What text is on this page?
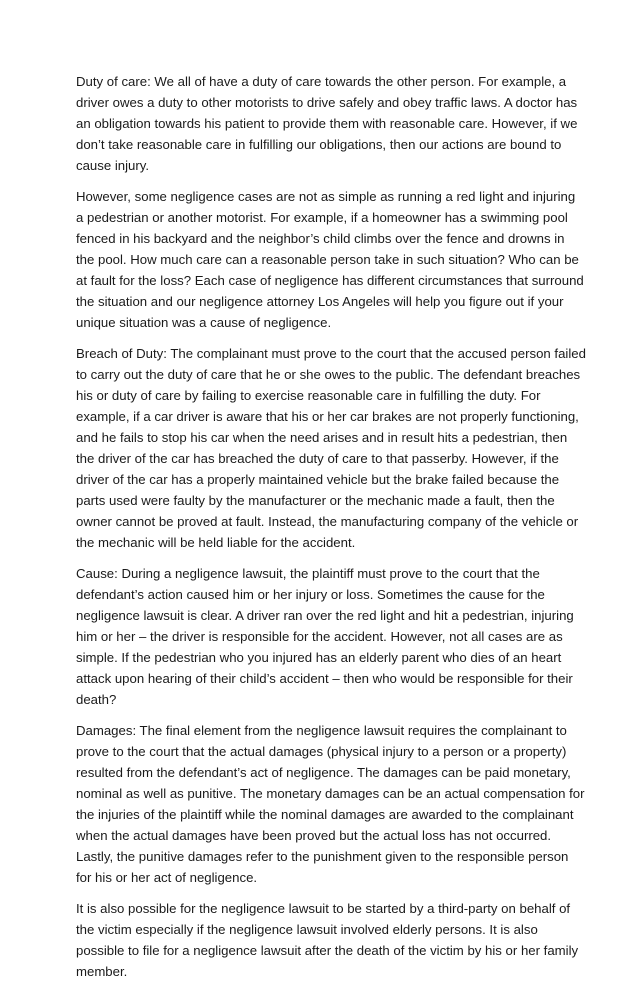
Duty of care: We all of have a duty of care towards the other person. For example, a driver owes a duty to other motorists to drive safely and obey traffic laws. A doctor has an obligation towards his patient to provide them with reasonable care. However, if we don’t take reasonable care in fulfilling our obligations, then our actions are bound to cause injury.

However, some negligence cases are not as simple as running a red light and injuring a pedestrian or another motorist. For example, if a homeowner has a swimming pool fenced in his backyard and the neighbor’s child climbs over the fence and drowns in the pool. How much care can a reasonable person take in such situation? Who can be at fault for the loss? Each case of negligence has different circumstances that surround the situation and our negligence attorney Los Angeles will help you figure out if your unique situation was a cause of negligence.

Breach of Duty: The complainant must prove to the court that the accused person failed to carry out the duty of care that he or she owes to the public. The defendant breaches his or duty of care by failing to exercise reasonable care in fulfilling the duty. For example, if a car driver is aware that his or her car brakes are not properly functioning, and he fails to stop his car when the need arises and in result hits a pedestrian, then the driver of the car has breached the duty of care to that passerby. However, if the driver of the car has a properly maintained vehicle but the brake failed because the parts used were faulty by the manufacturer or the mechanic made a fault, then the owner cannot be proved at fault. Instead, the manufacturing company of the vehicle or the mechanic will be held liable for the accident.

Cause: During a negligence lawsuit, the plaintiff must prove to the court that the defendant’s action caused him or her injury or loss. Sometimes the cause for the negligence lawsuit is clear. A driver ran over the red light and hit a pedestrian, injuring him or her – the driver is responsible for the accident. However, not all cases are as simple. If the pedestrian who you injured has an elderly parent who dies of an heart attack upon hearing of their child’s accident – then who would be responsible for their death?

Damages: The final element from the negligence lawsuit requires the complainant to prove to the court that the actual damages (physical injury to a person or a property) resulted from the defendant’s act of negligence. The damages can be paid monetary, nominal as well as punitive. The monetary damages can be an actual compensation for the injuries of the plaintiff while the nominal damages are awarded to the complainant when the actual damages have been proved but the actual loss has not occurred. Lastly, the punitive damages refer to the punishment given to the responsible person for his or her act of negligence.

It is also possible for the negligence lawsuit to be started by a third-party on behalf of the victim especially if the negligence lawsuit involved elderly persons. It is also possible to file for a negligence lawsuit after the death of the victim by his or her family member.
